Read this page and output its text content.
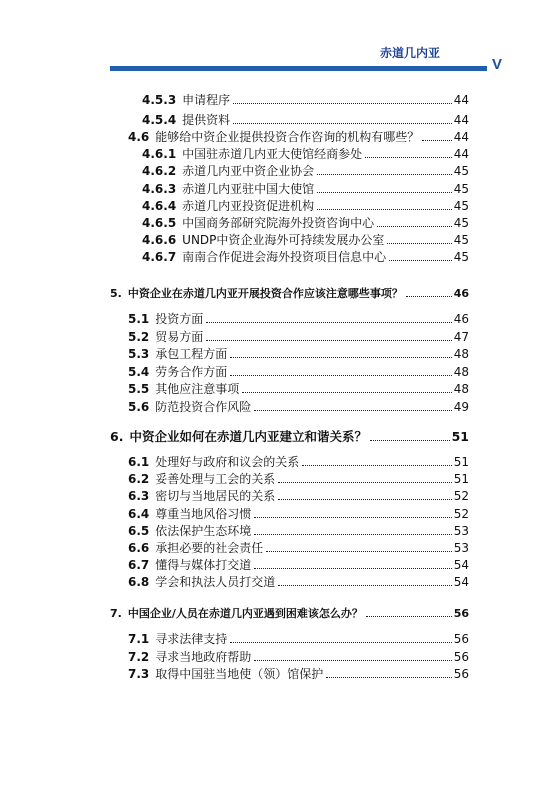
赤道几内亚
V
4.5.3 申请程序	44
4.5.4 提供资料	44
4.6 能够给中资企业提供投资合作咨询的机构有哪些？	44
4.6.1 中国驻赤道几内亚大使馆经商参处	44
4.6.2 赤道几内亚中资企业协会	45
4.6.3 赤道几内亚驻中国大使馆	45
4.6.4 赤道几内亚投资促进机构	45
4.6.5 中国商务部研究院海外投资咨询中心	45
4.6.6 UNDP中资企业海外可持续发展办公室	45
4.6.7 南南合作促进会海外投资项目信息中心	45
5. 中资企业在赤道几内亚开展投资合作应该注意哪些事项？	46
5.1 投资方面	46
5.2 贸易方面	47
5.3 承包工程方面	48
5.4 劳务合作方面	48
5.5 其他应注意事项	48
5.6 防范投资合作风险	49
6. 中资企业如何在赤道几内亚建立和谐关系？	51
6.1 处理好与政府和议会的关系	51
6.2 妥善处理与工会的关系	51
6.3 密切与当地居民的关系	52
6.4 尊重当地风俗习惯	52
6.5 依法保护生态环境	53
6.6 承担必要的社会责任	53
6.7 懂得与媒体打交道	54
6.8 学会和执法人员打交道	54
7. 中国企业/人员在赤道几内亚遇到困难该怎么办？	56
7.1 寻求法律支持	56
7.2 寻求当地政府帮助	56
7.3 取得中国驻当地使（领）馆保护	56
